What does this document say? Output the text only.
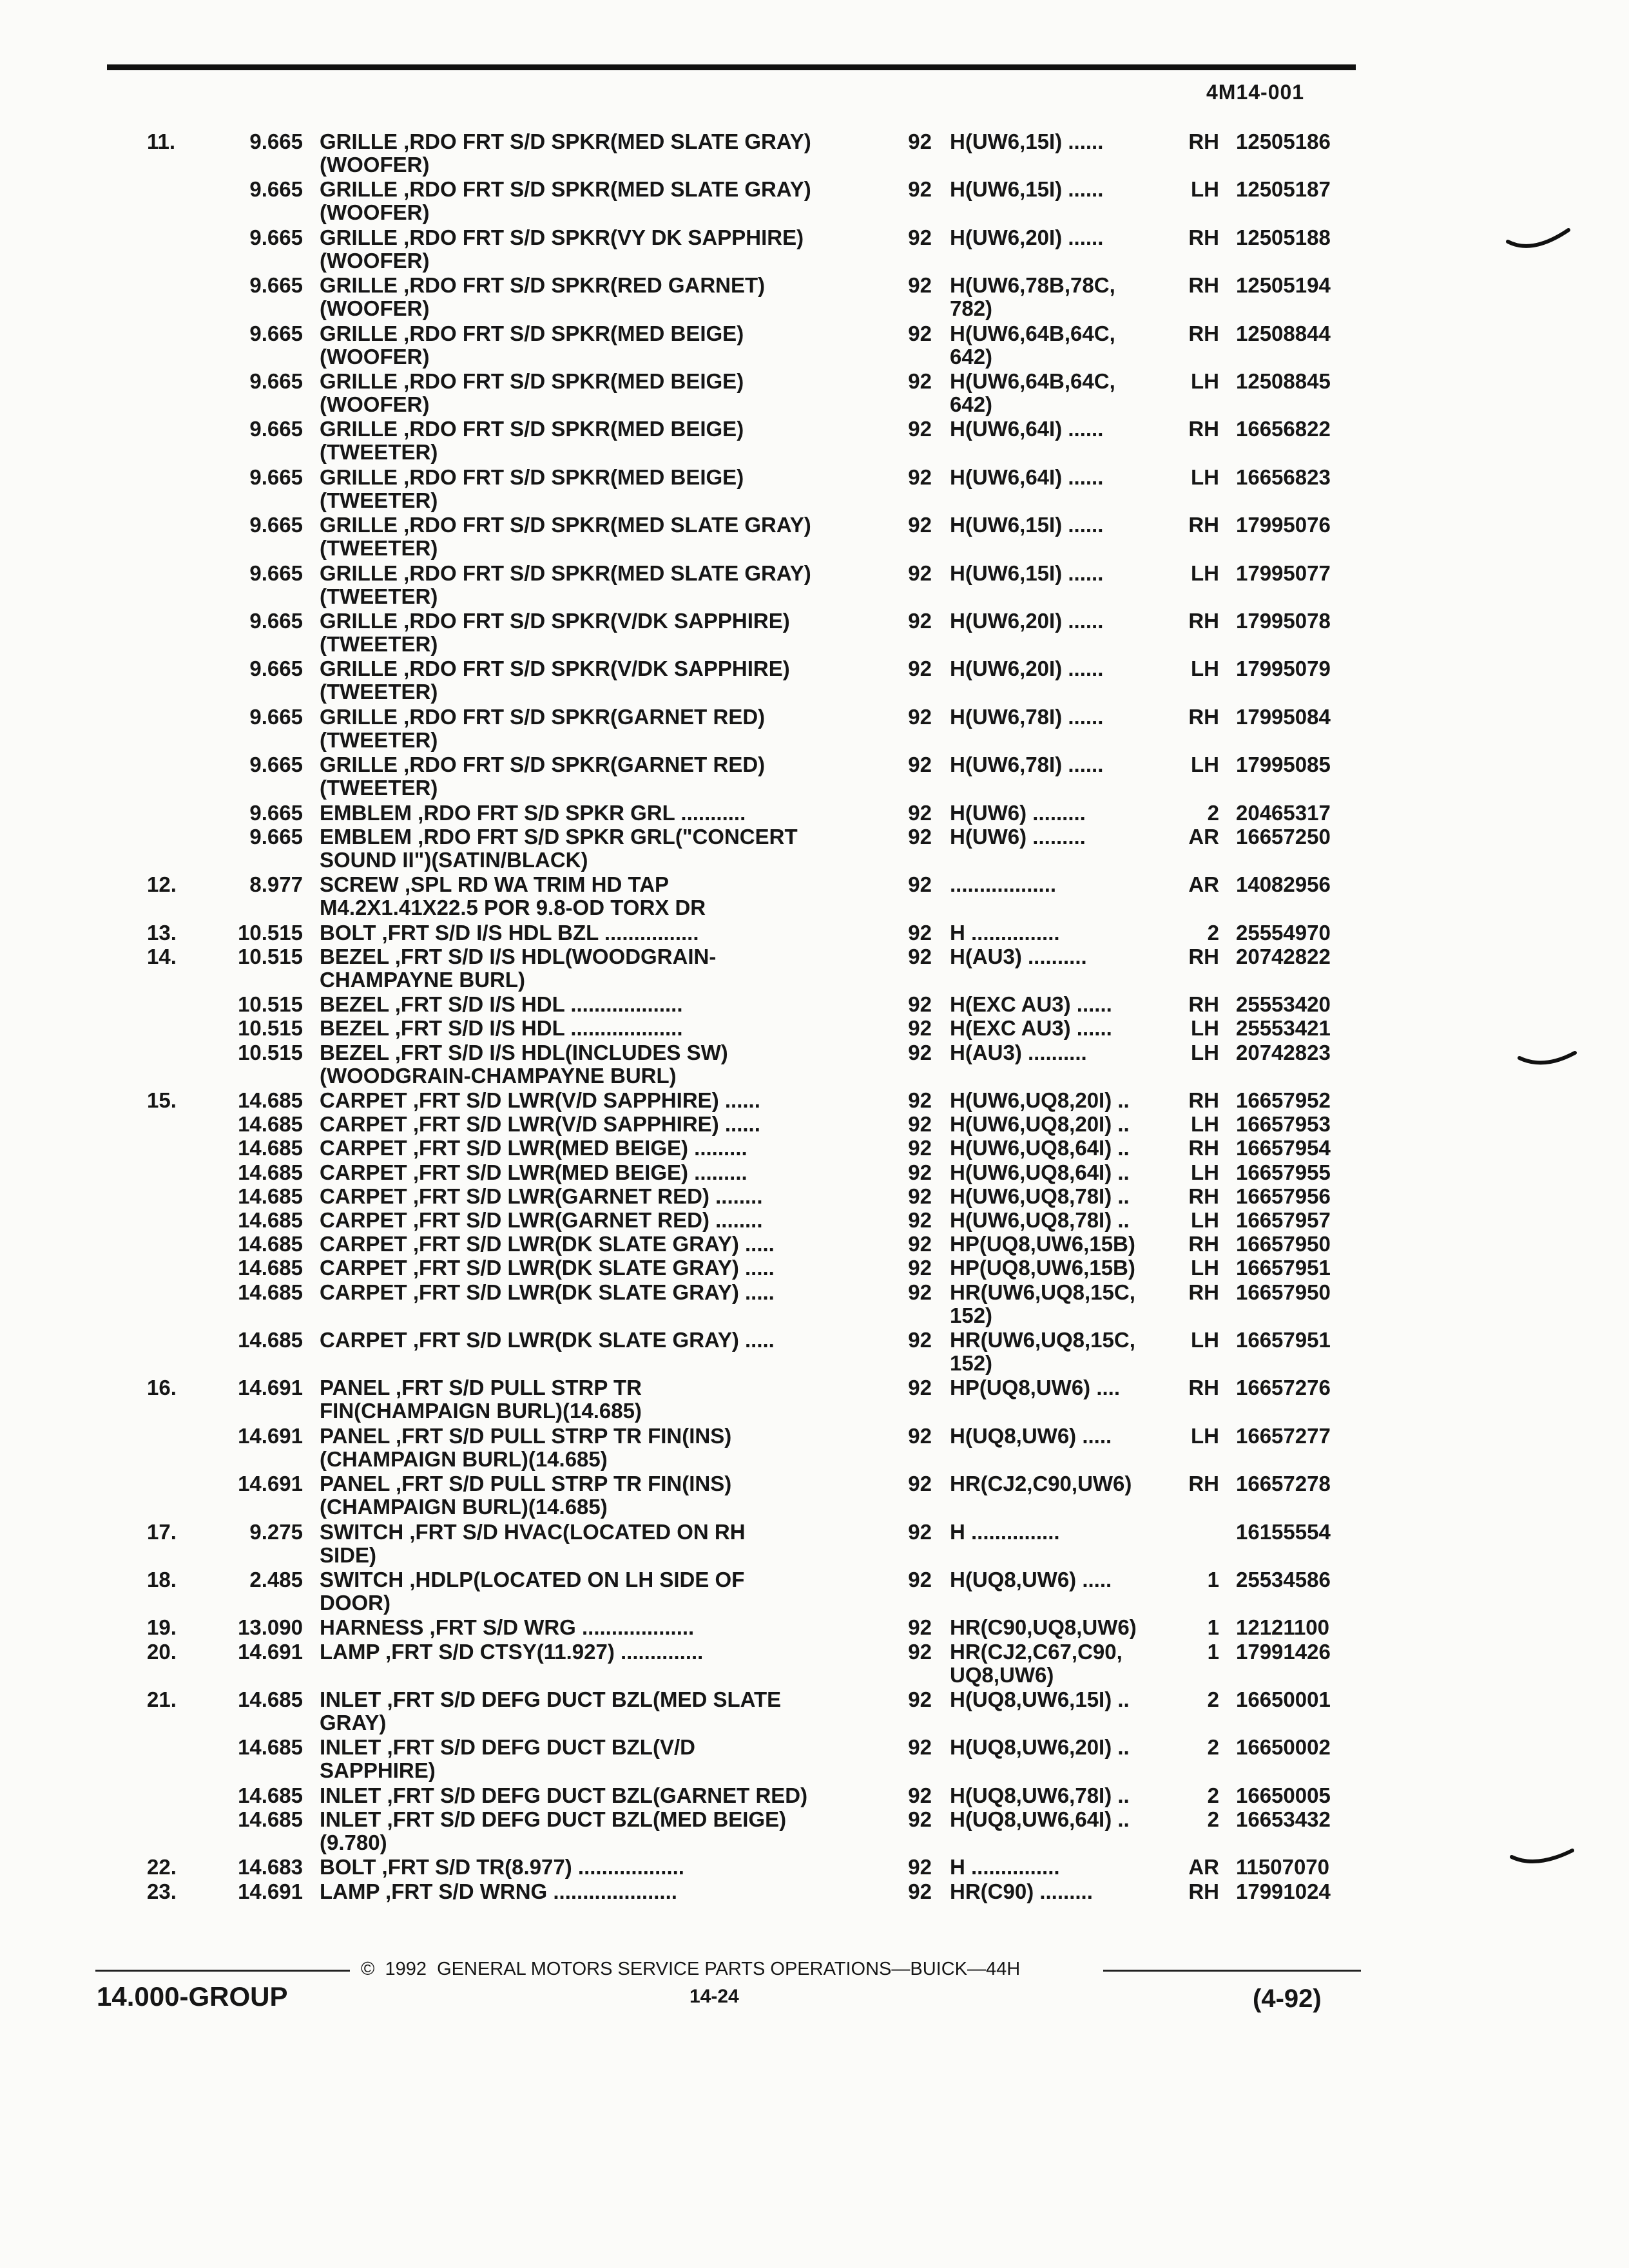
4M14-001
11.	9.665 GRILLE ,RDO FRT S/D SPKR(MED SLATE GRAY)
(WOOFER)
92 H(UW6,15I) ......	RH 12505186
9.665 GRILLE ,RDO FRT S/D SPKR(MED SLATE GRAY)
(WOOFER)
92 H(UW6,15I) ......	LH 12505187
9.665 GRILLE ,RDO FRT S/D SPKR(VY DK SAPPHIRE)
(WOOFER)
92 H(UW6,20I) ......	RH 12505188
9.665 GRILLE ,RDO FRT S/D SPKR(RED GARNET)
(WOOFER)
92 H(UW6,78B,78C,
782)
RH 12505194
9.665 GRILLE ,RDO FRT S/D SPKR(MED BEIGE)
(WOOFER)
92 H(UW6,64B,64C,
642)
RH 12508844
9.665 GRILLE ,RDO FRT S/D SPKR(MED BEIGE)
(WOOFER)
92 H(UW6,64B,64C,
642)
LH 12508845
9.665 GRILLE ,RDO FRT S/D SPKR(MED BEIGE)
(TWEETER)
92 H(UW6,64I) ......	RH 16656822
9.665 GRILLE ,RDO FRT S/D SPKR(MED BEIGE)
(TWEETER)
92 H(UW6,64I) ......	LH 16656823
9.665 GRILLE ,RDO FRT S/D SPKR(MED SLATE GRAY)
(TWEETER)
92 H(UW6,15I) ......	RH 17995076
9.665 GRILLE ,RDO FRT S/D SPKR(MED SLATE GRAY)
(TWEETER)
92 H(UW6,15I) ......	LH 17995077
9.665 GRILLE ,RDO FRT S/D SPKR(V/DK SAPPHIRE)
(TWEETER)
92 H(UW6,20I) ......	RH 17995078
9.665 GRILLE ,RDO FRT S/D SPKR(V/DK SAPPHIRE)
(TWEETER)
92 H(UW6,20I) ......	LH 17995079
9.665 GRILLE ,RDO FRT S/D SPKR(GARNET RED)
(TWEETER)
92 H(UW6,78I) ......	RH 17995084
9.665 GRILLE ,RDO FRT S/D SPKR(GARNET RED)
(TWEETER)
92 H(UW6,78I) ......	LH 17995085
9.665 EMBLEM ,RDO FRT S/D SPKR GRL ...........	92 H(UW6) .........	2 20465317
9.665 EMBLEM ,RDO FRT S/D SPKR GRL("CONCERT
SOUND II")(SATIN/BLACK)
92 H(UW6) .........	AR 16657250
12.	8.977 SCREW ,SPL RD WA TRIM HD TAP
M4.2X1.41X22.5 POR 9.8-OD TORX DR
92 ..................	AR 14082956
13.	10.515 BOLT ,FRT S/D I/S HDL BZL ................	92 H ...............	2 25554970
14.	10.515 BEZEL ,FRT S/D I/S HDL(WOODGRAIN-
CHAMPAYNE BURL)
92 H(AU3) ..........	RH 20742822
10.515 BEZEL ,FRT S/D I/S HDL ...................	92 H(EXC AU3) ......	RH 25553420
10.515 BEZEL ,FRT S/D I/S HDL ...................	92 H(EXC AU3) ......	LH 25553421
10.515 BEZEL ,FRT S/D I/S HDL(INCLUDES SW)
(WOODGRAIN-CHAMPAYNE BURL)
92 H(AU3) ..........	LH 20742823
15.	14.685 CARPET ,FRT S/D LWR(V/D SAPPHIRE) ......	92 H(UW6,UQ8,20I) ..	RH 16657952
14.685 CARPET ,FRT S/D LWR(V/D SAPPHIRE) ......	92 H(UW6,UQ8,20I) ..	LH 16657953
14.685 CARPET ,FRT S/D LWR(MED BEIGE) .........	92 H(UW6,UQ8,64I) ..	RH 16657954
14.685 CARPET ,FRT S/D LWR(MED BEIGE) .........	92 H(UW6,UQ8,64I) ..	LH 16657955
14.685 CARPET ,FRT S/D LWR(GARNET RED) ........	92 H(UW6,UQ8,78I) ..	RH 16657956
14.685 CARPET ,FRT S/D LWR(GARNET RED) ........	92 H(UW6,UQ8,78I) ..	LH 16657957
14.685 CARPET ,FRT S/D LWR(DK SLATE GRAY) .....	92 HP(UQ8,UW6,15B)	RH 16657950
14.685 CARPET ,FRT S/D LWR(DK SLATE GRAY) .....	92 HP(UQ8,UW6,15B)	LH 16657951
14.685 CARPET ,FRT S/D LWR(DK SLATE GRAY) .....	92 HR(UW6,UQ8,15C,
152)
RH 16657950
14.685 CARPET ,FRT S/D LWR(DK SLATE GRAY) .....	92 HR(UW6,UQ8,15C,
152)
LH 16657951
16.	14.691 PANEL ,FRT S/D PULL STRP TR
FIN(CHAMPAIGN BURL)(14.685)
92 HP(UQ8,UW6) ....	RH 16657276
14.691 PANEL ,FRT S/D PULL STRP TR FIN(INS)
(CHAMPAIGN BURL)(14.685)
92 H(UQ8,UW6) .....	LH 16657277
14.691 PANEL ,FRT S/D PULL STRP TR FIN(INS)
(CHAMPAIGN BURL)(14.685)
92 HR(CJ2,C90,UW6)	RH 16657278
17.	9.275 SWITCH ,FRT S/D HVAC(LOCATED ON RH
SIDE)
92 H ...............	16155554
18.	2.485 SWITCH ,HDLP(LOCATED ON LH SIDE OF
DOOR)
92 H(UQ8,UW6) .....	1 25534586
19.	13.090 HARNESS ,FRT S/D WRG ...................	92 HR(C90,UQ8,UW6)	1 12121100
20.	14.691 LAMP ,FRT S/D CTSY(11.927) ..............	92 HR(CJ2,C67,C90,
UQ8,UW6)
1 17991426
21.	14.685 INLET ,FRT S/D DEFG DUCT BZL(MED SLATE
GRAY)
92 H(UQ8,UW6,15I) ..	2 16650001
14.685 INLET ,FRT S/D DEFG DUCT BZL(V/D
SAPPHIRE)
92 H(UQ8,UW6,20I) ..	2 16650002
14.685 INLET ,FRT S/D DEFG DUCT BZL(GARNET RED)	92 H(UQ8,UW6,78I) ..	2 16650005
14.685 INLET ,FRT S/D DEFG DUCT BZL(MED BEIGE)
(9.780)
92 H(UQ8,UW6,64I) ..	2 16653432
22.	14.683 BOLT ,FRT S/D TR(8.977) ..................	92 H ...............	AR 11507070
23.	14.691 LAMP ,FRT S/D WRNG .....................	92 HR(C90) .........	RH 17991024
©  1992  GENERAL MOTORS SERVICE PARTS OPERATIONS—BUICK—44H
14.000-GROUP	14-24	(4-92)
